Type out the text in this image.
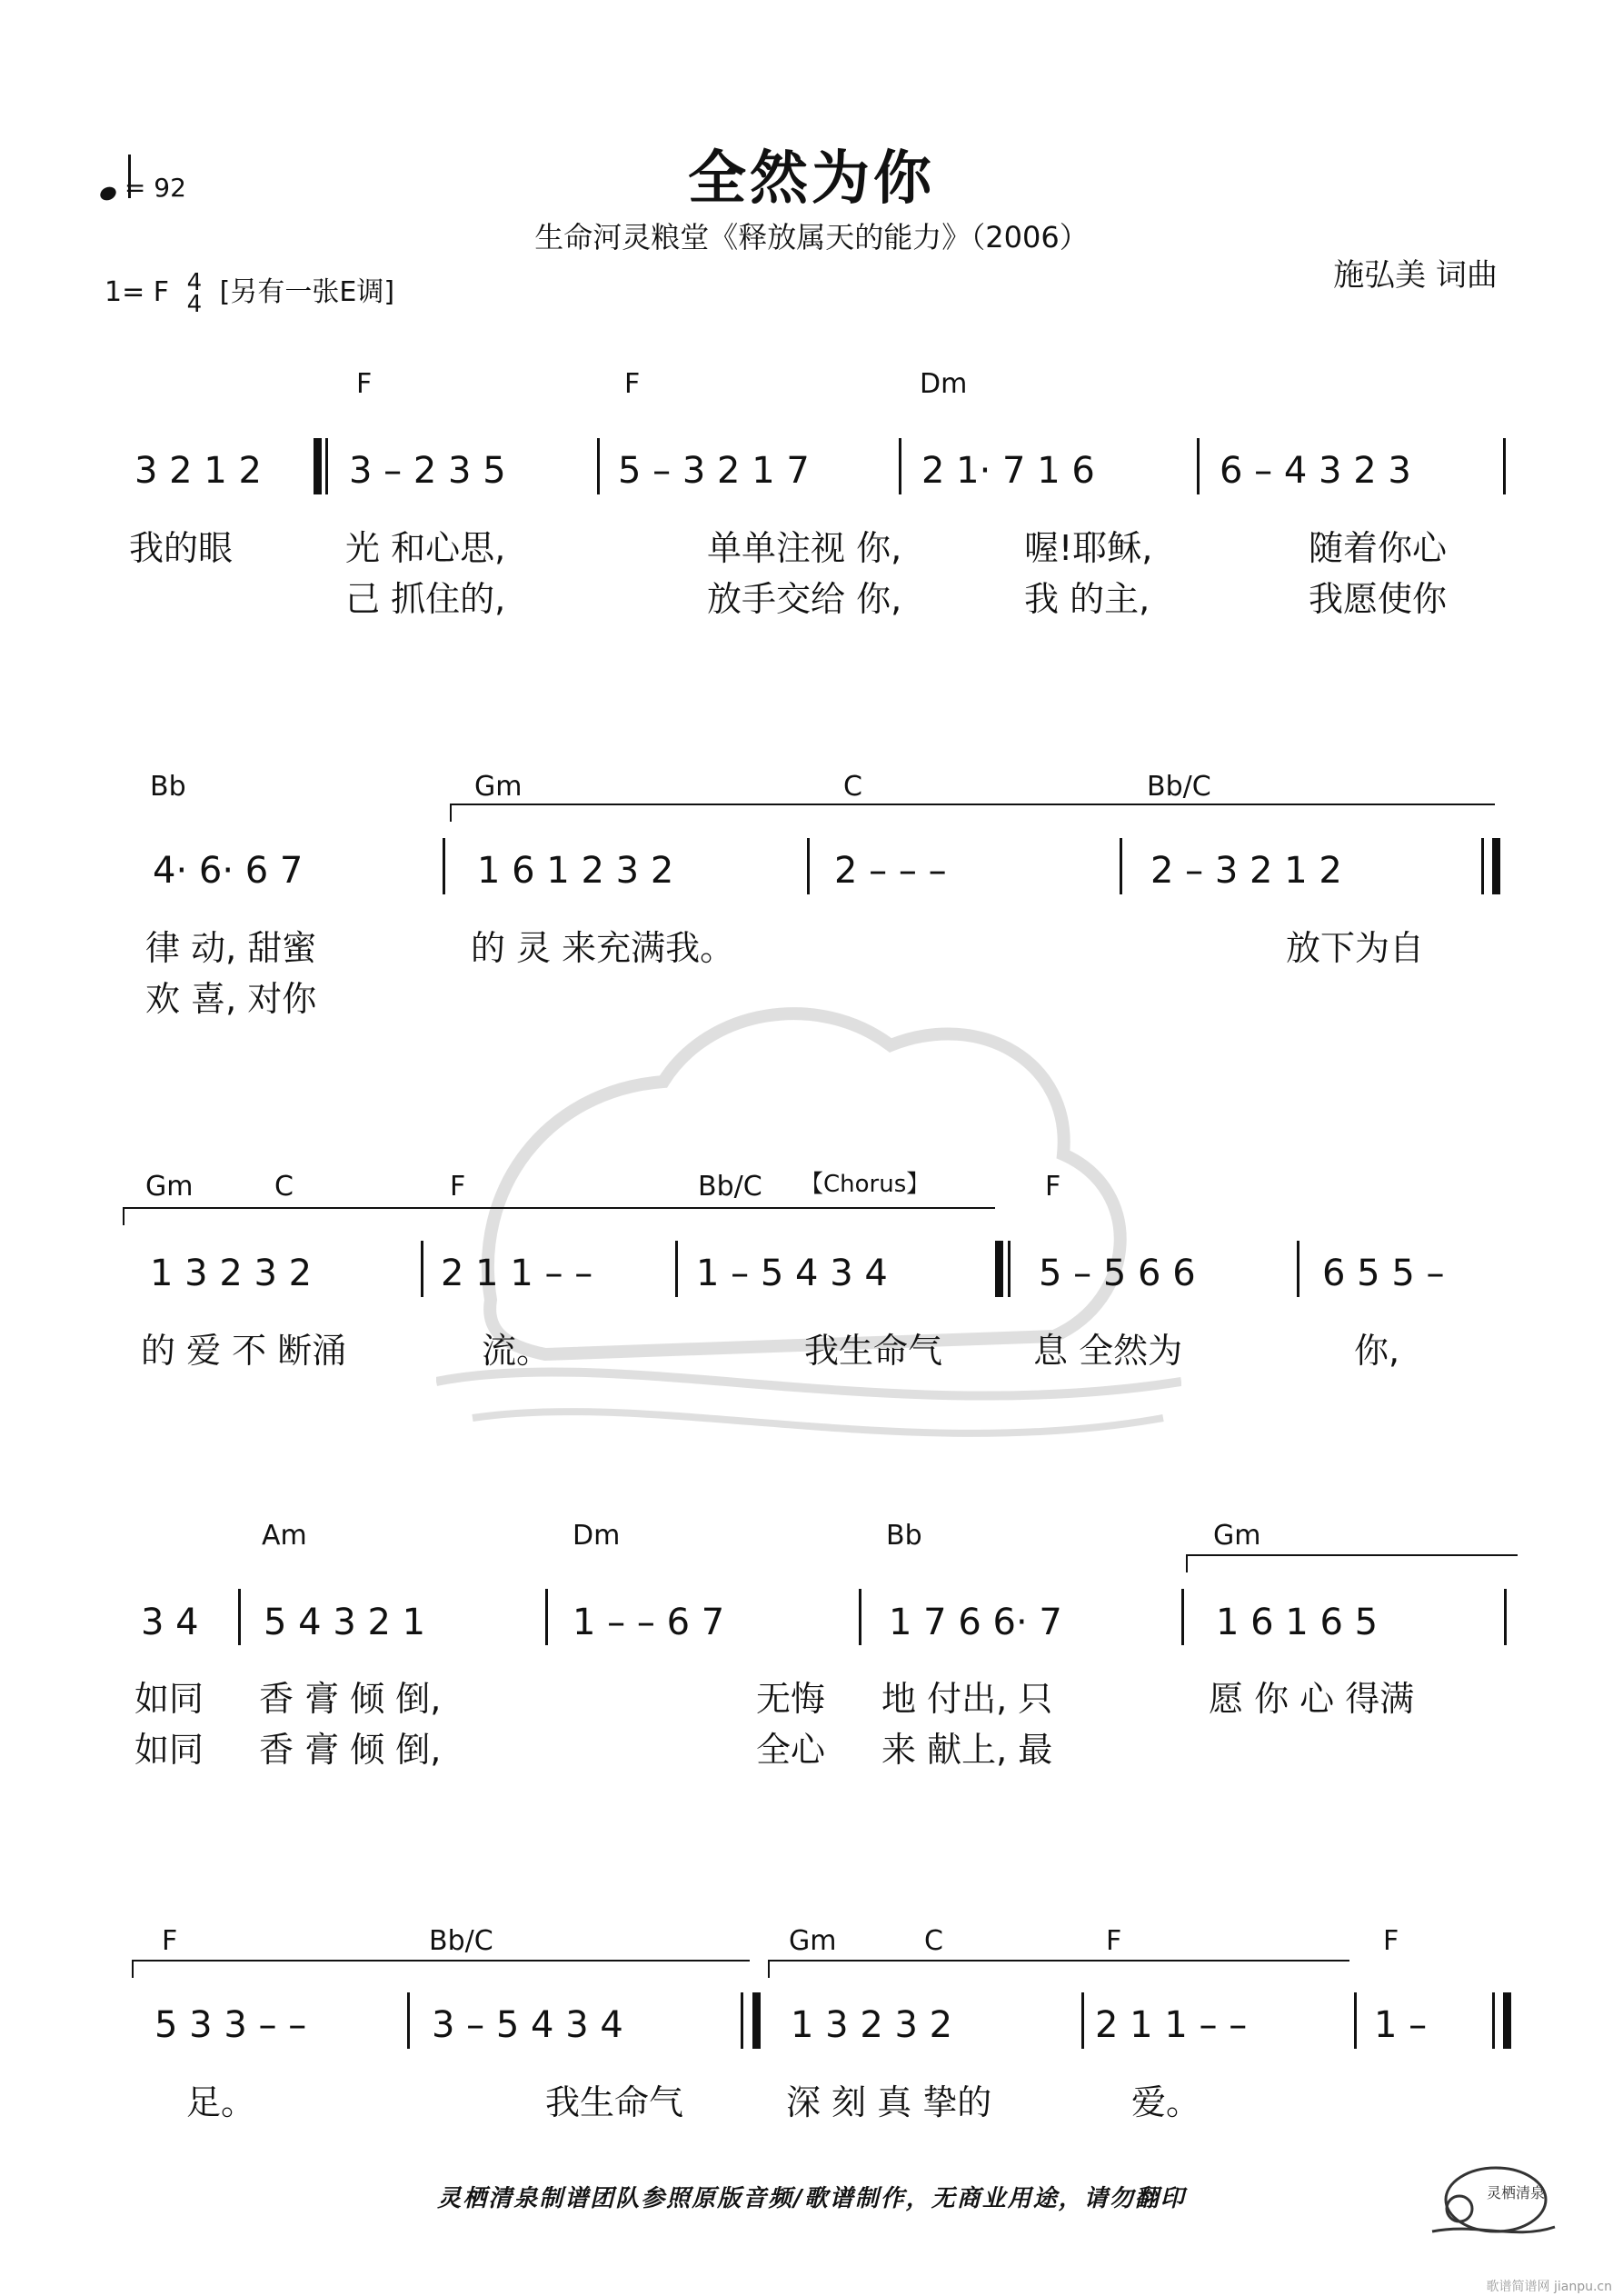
全然为你
生命河灵粮堂《释放属天的能力》（2006）
施弘美 词曲
= 92
1= F 4
4 [另有一张E调]
F	F	Dm
3 2 1 2 3 – 2 3 5	5 – 3 2 1 7	2 1· 7 1 6	6 – 4 3 2 3
我的眼	光 和心思,	单单注视 你,	喔!耶稣,	随着你心
己 抓住的,	放手交给 你,	我 的主,	我愿使你
Bb	Gm	C	Bb/C
4· 6· 6 7	1 6 1 2 3 2	2 – – –	2 – 3 2 1 2
律 动, 甜蜜	的 灵 来充满我。	放下为自
欢 喜, 对你
Gm	C	F	Bb/C	F
【Chorus】
1 3 2 3 2	2 1 1 – –	1 – 5 4 3 4	5 – 5 6 6	6 5 5 –
的 爱 不 断涌	流。	我生命气	息 全然为	你,
Am	Dm	Bb	Gm
3 4 5 4 3 2 1	1 – – 6 7	1 7 6 6· 7	1 6 1 6 5
如同 香 膏 倾 倒,	无悔 地 付出, 只	愿 你 心 得满
如同 香 膏 倾 倒,	全心 来 献上, 最
F	Bb/C	Gm	C	F	F
5 3 3 – –	3 – 5 4 3 4	1 3 2 3 2	2 1 1 – –	1 –
足。	我生命气	深 刻 真 挚的	爱。
灵栖清泉制谱团队参照原版音频/歌谱制作，无商业用途，请勿翻印	灵栖清泉
歌谱简谱网 jianpu.cn
